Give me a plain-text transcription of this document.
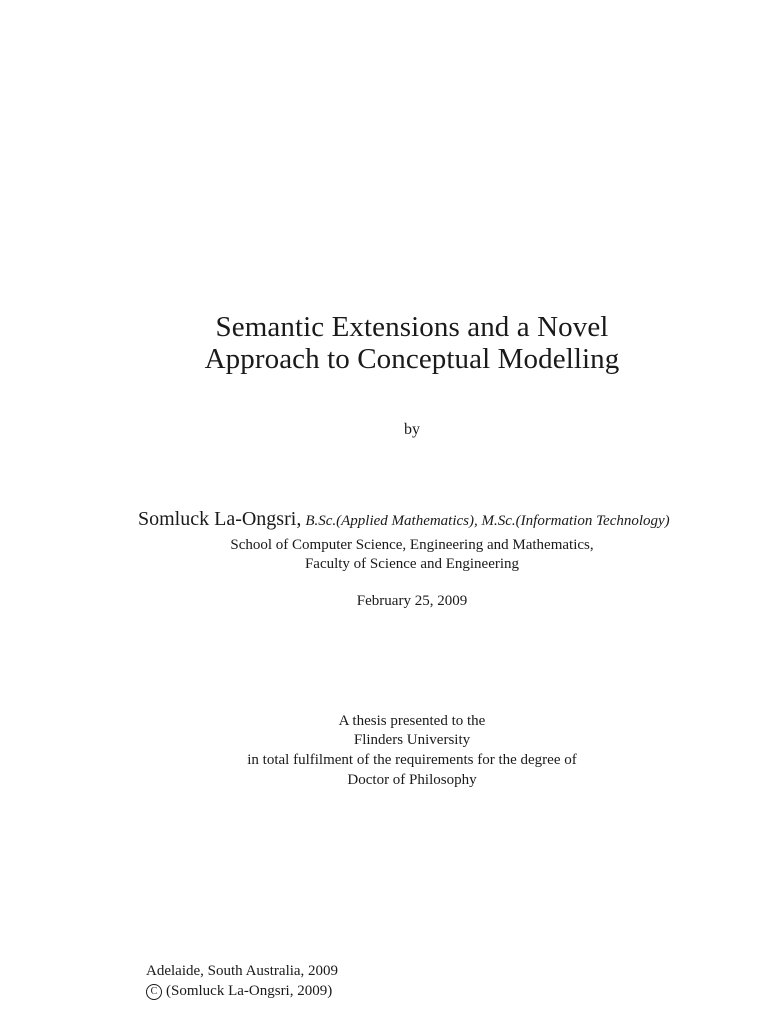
Semantic Extensions and a Novel
Approach to Conceptual Modelling
by
Somluck La-Ongsri, B.Sc.(Applied Mathematics), M.Sc.(Information Technology)
School of Computer Science, Engineering and Mathematics,
Faculty of Science and Engineering
February 25, 2009
A thesis presented to the
Flinders University
in total fulfilment of the requirements for the degree of
Doctor of Philosophy
Adelaide, South Australia, 2009
C (Somluck La-Ongsri, 2009)
